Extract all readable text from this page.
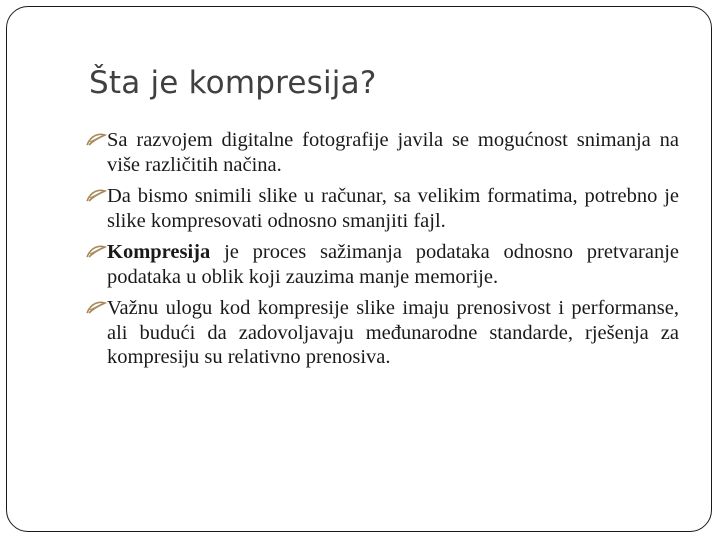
Šta je kompresija?
Sa razvojem digitalne fotografije javila se mogućnost snimanja na više različitih načina.
Da bismo snimili slike u računar, sa velikim formatima, potrebno je slike kompresovati odnosno smanjiti fajl.
Kompresija je proces sažimanja podataka odnosno pretvaranje podataka u oblik koji zauzima manje memorije.
Važnu ulogu kod kompresije slike imaju prenosivost i performanse, ali budući da zadovoljavaju međunarodne standarde, rješenja za kompresiju su relativno prenosiva.
